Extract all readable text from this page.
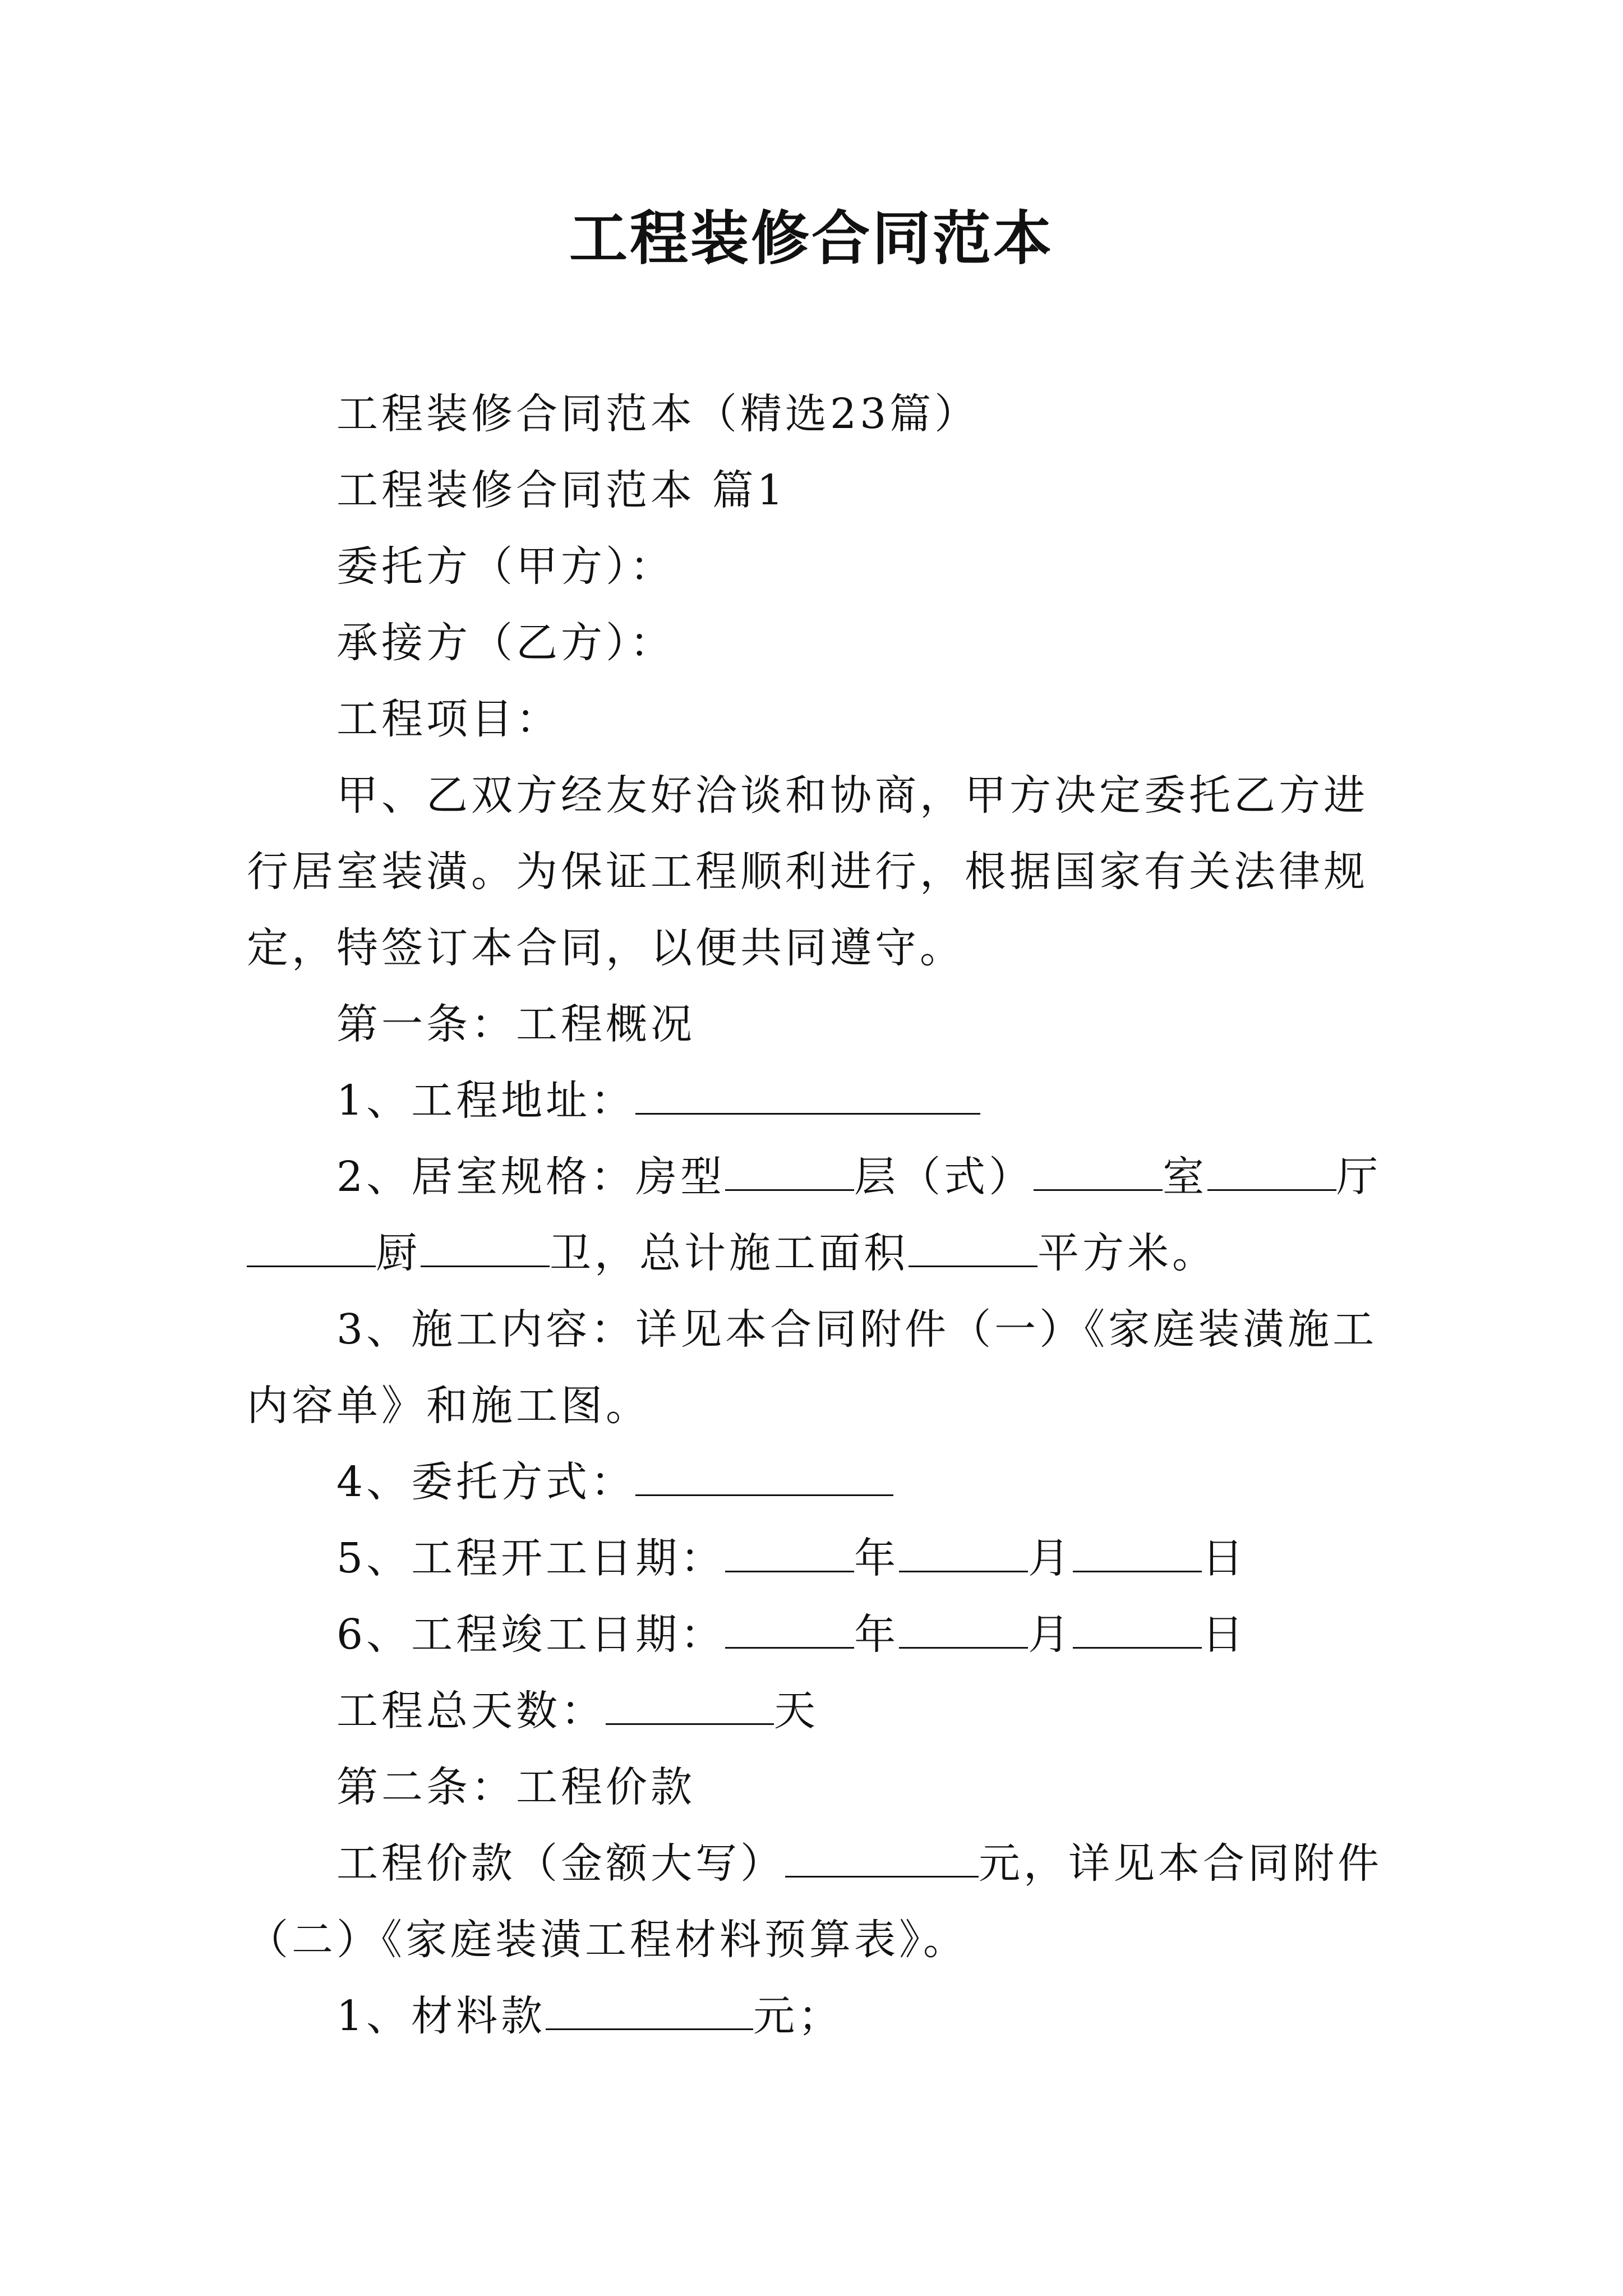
工程装修合同范本

工程装修合同范本（精选23篇）

工程装修合同范本 篇1

委托方（甲方）：

承接方（乙方）：

工程项目：

甲、乙双方经友好洽谈和协商，甲方决定委托乙方进行居室装潢。为保证工程顺利进行，根据国家有关法律规定，特签订本合同，以便共同遵守。

第一条：工程概况

1、工程地址：

2、居室规格：房型	层（式）	室	厅厨	卫，总计施工面积	平方米。

3、施工内容：详见本合同附件（一）《家庭装潢施工内容单》和施工图。

4、委托方式：

5、工程开工日期：	年	月	日

6、工程竣工日期：	年	月	日

工程总天数：	天

第二条：工程价款

工程价款（金额大写）	元，详见本合同附件（二）《家庭装潢工程材料预算表》。

1、材料款	元；
